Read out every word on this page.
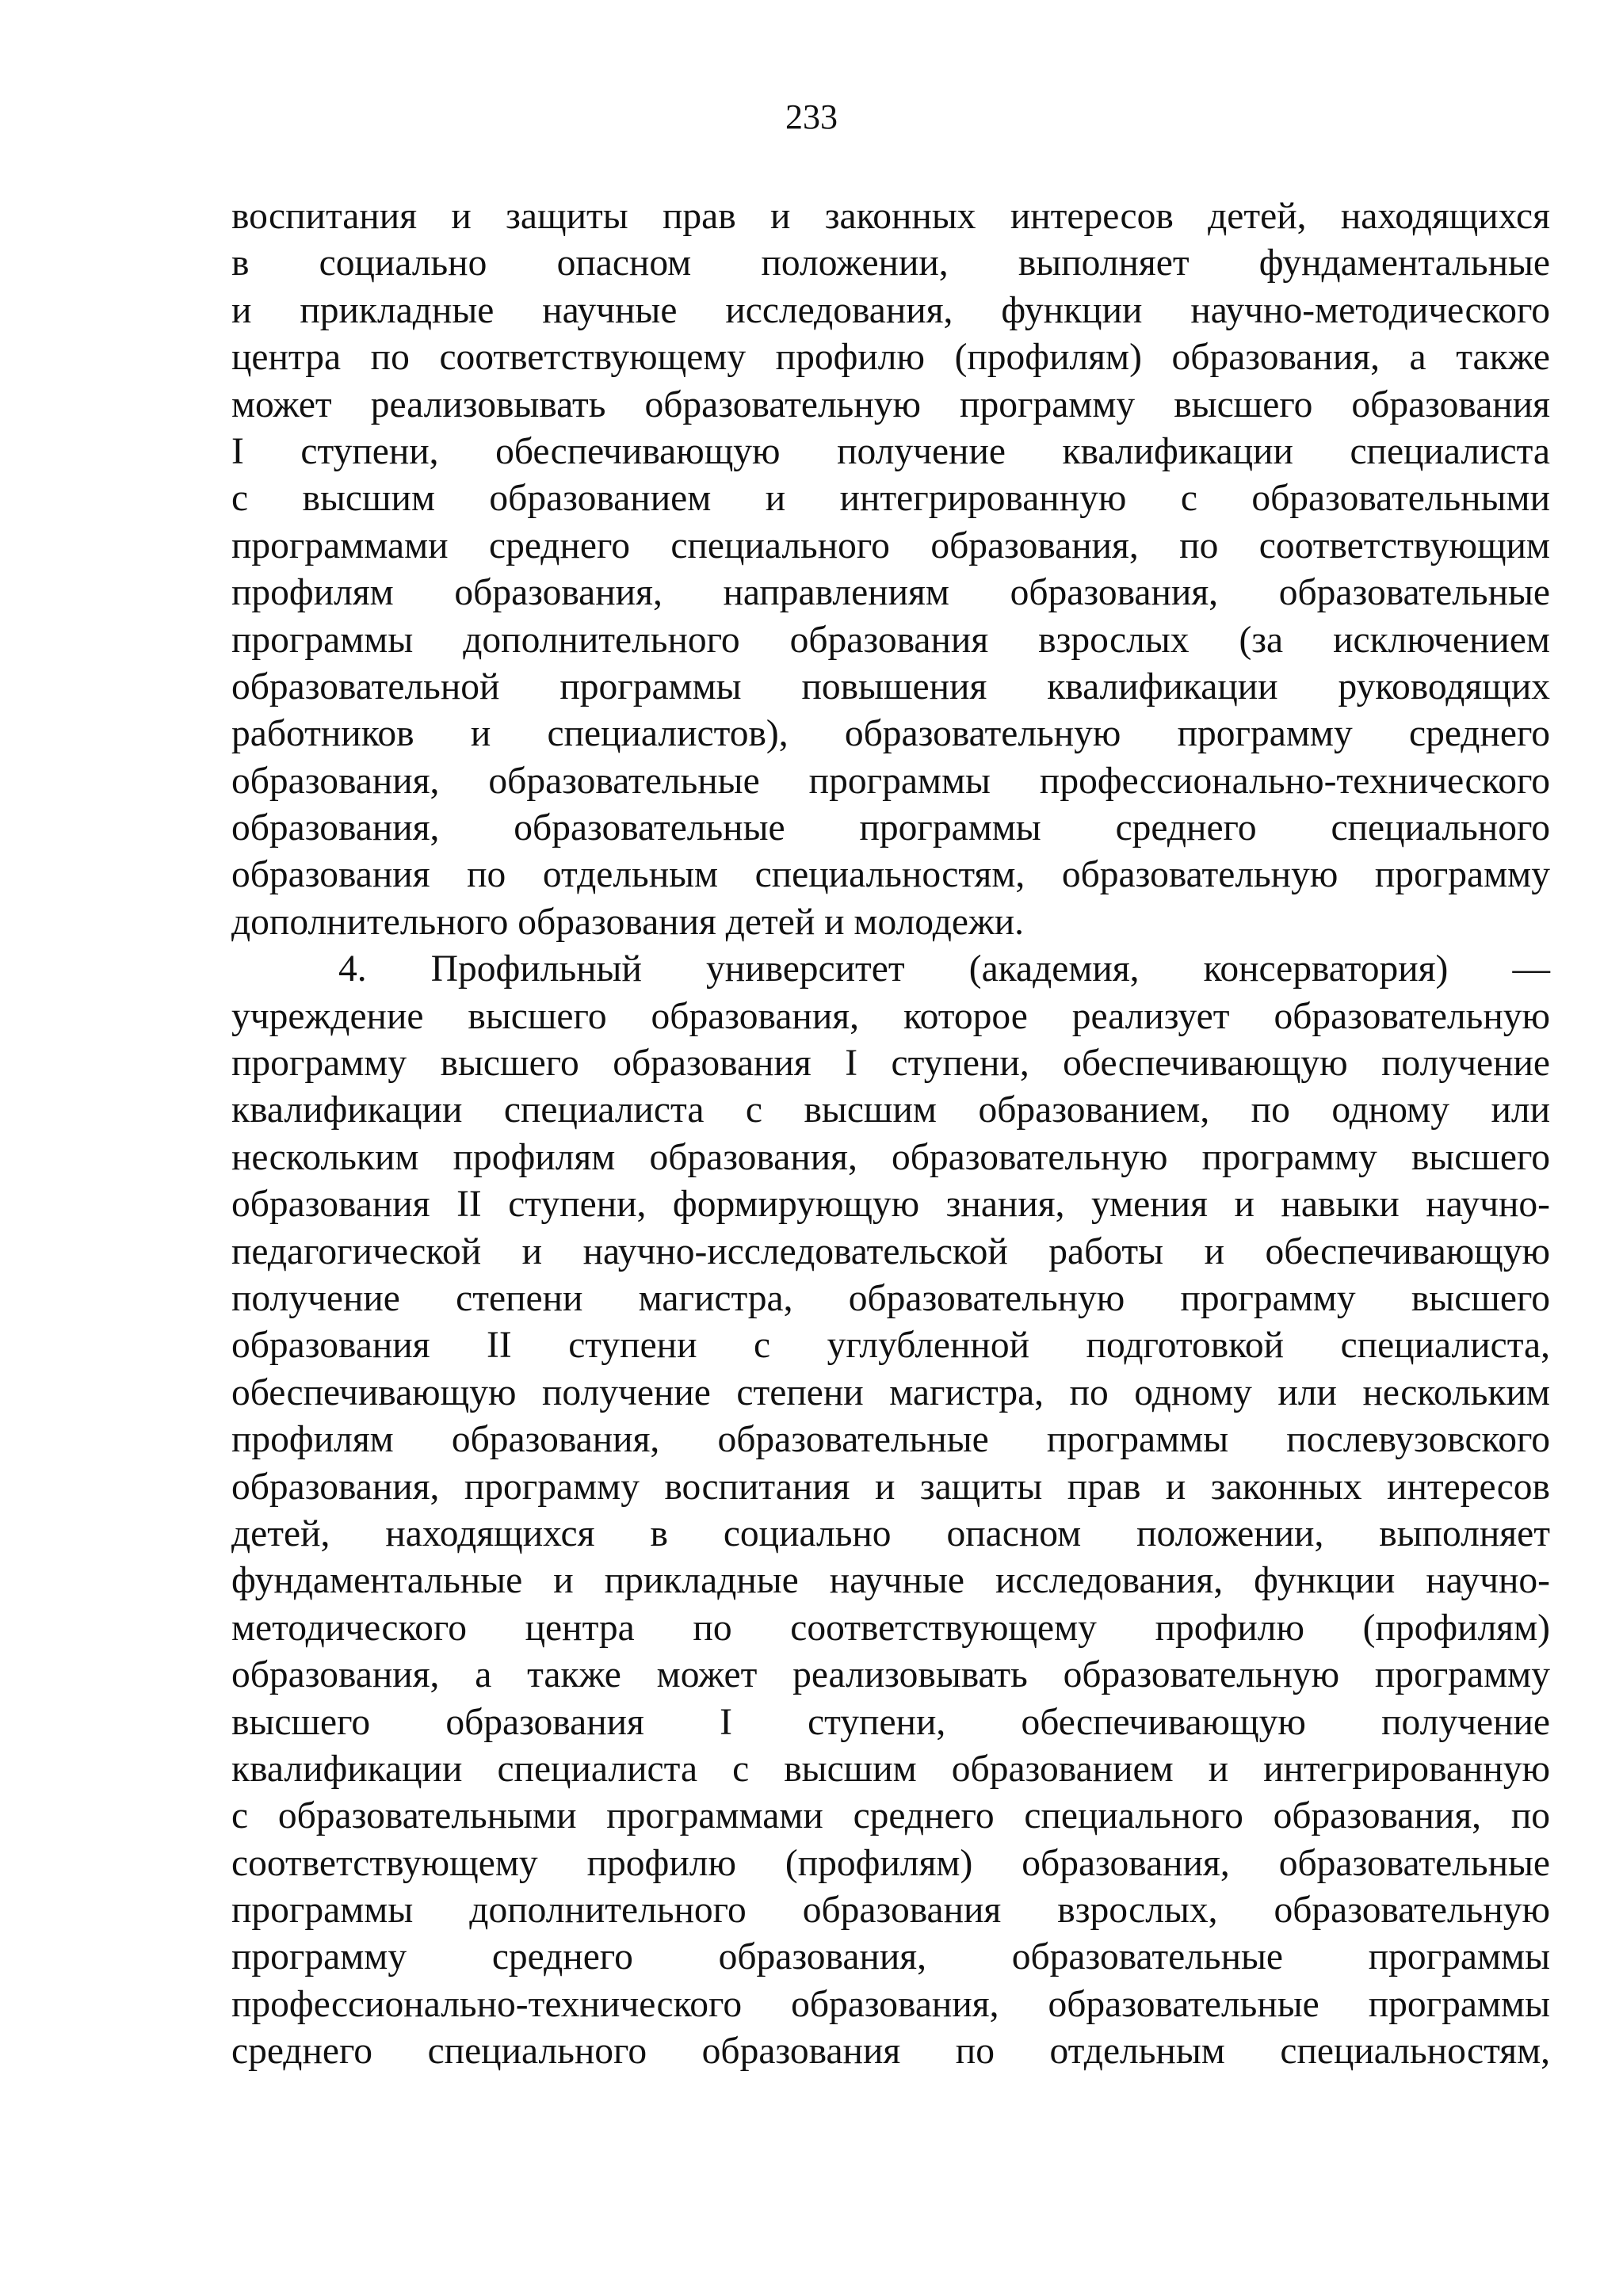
233
воспитания и защиты прав и законных интересов детей, находящихся
в социально опасном положении, выполняет фундаментальные
и прикладные научные исследования, функции научно-методического
центра по соответствующему профилю (профилям) образования, а также
может реализовывать образовательную программу высшего образования
I ступени, обеспечивающую получение квалификации специалиста
с высшим образованием и интегрированную с образовательными
программами среднего специального образования, по соответствующим
профилям образования, направлениям образования, образовательные
программы дополнительного образования взрослых (за исключением
образовательной программы повышения квалификации руководящих
работников и специалистов), образовательную программу среднего
образования, образовательные программы профессионально-технического
образования, образовательные программы среднего специального
образования по отдельным специальностям, образовательную программу
дополнительного образования детей и молодежи.
4. Профильный университет (академия, консерватория) —
учреждение высшего образования, которое реализует образовательную
программу высшего образования I ступени, обеспечивающую получение
квалификации специалиста с высшим образованием, по одному или
нескольким профилям образования, образовательную программу высшего
образования II ступени, формирующую знания, умения и навыки научно-
педагогической и научно-исследовательской работы и обеспечивающую
получение степени магистра, образовательную программу высшего
образования II ступени с углубленной подготовкой специалиста,
обеспечивающую получение степени магистра, по одному или нескольким
профилям образования, образовательные программы послевузовского
образования, программу воспитания и защиты прав и законных интересов
детей, находящихся в социально опасном положении, выполняет
фундаментальные и прикладные научные исследования, функции научно-
методического центра по соответствующему профилю (профилям)
образования, а также может реализовывать образовательную программу
высшего образования I ступени, обеспечивающую получение
квалификации специалиста с высшим образованием и интегрированную
с образовательными программами среднего специального образования, по
соответствующему профилю (профилям) образования, образовательные
программы дополнительного образования взрослых, образовательную
программу среднего образования, образовательные программы
профессионально-технического образования, образовательные программы
среднего специального образования по отдельным специальностям,
